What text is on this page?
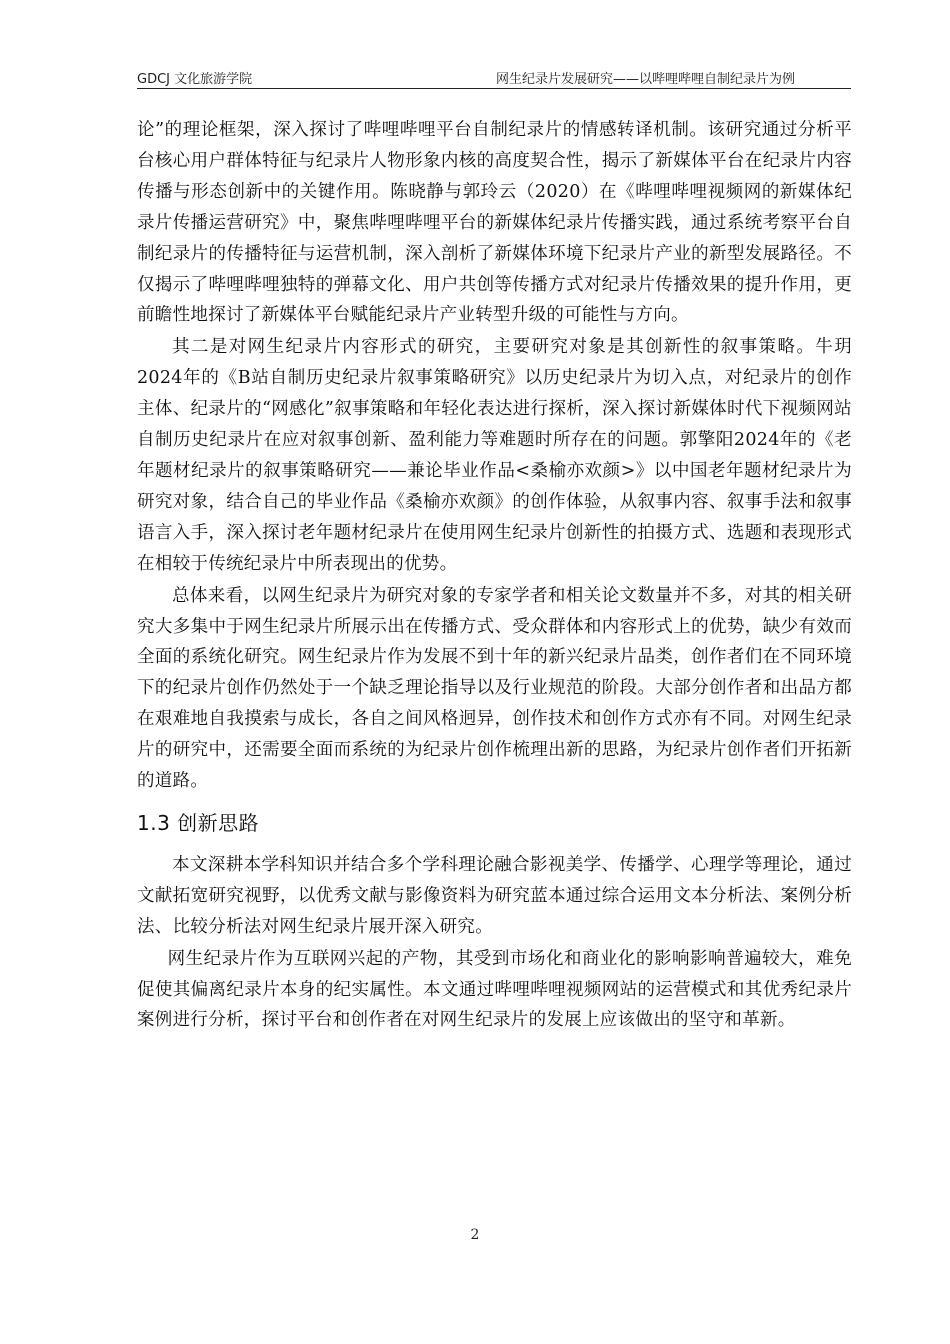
GDCJ 文化旅游学院	网生纪录片发展研究——以哔哩哔哩自制纪录片为例

论”的理论框架，深入探讨了哔哩哔哩平台自制纪录片的情感转译机制。该研究通过分析平台核心用户群体特征与纪录片人物形象内核的高度契合性，揭示了新媒体平台在纪录片内容传播与形态创新中的关键作用。陈晓静与郭玲云（2020）在《哔哩哔哩视频网的新媒体纪录片传播运营研究》中，聚焦哔哩哔哩平台的新媒体纪录片传播实践，通过系统考察平台自制纪录片的传播特征与运营机制，深入剖析了新媒体环境下纪录片产业的新型发展路径。不仅揭示了哔哩哔哩独特的弹幕文化、用户共创等传播方式对纪录片传播效果的提升作用，更前瞻性地探讨了新媒体平台赋能纪录片产业转型升级的可能性与方向。

其二是对网生纪录片内容形式的研究，主要研究对象是其创新性的叙事策略。牛玥2024年的《B站自制历史纪录片叙事策略研究》以历史纪录片为切入点，对纪录片的创作主体、纪录片的“网感化”叙事策略和年轻化表达进行探析，深入探讨新媒体时代下视频网站自制历史纪录片在应对叙事创新、盈利能力等难题时所存在的问题。郭擎阳2024年的《老年题材纪录片的叙事策略研究——兼论毕业作品<桑榆亦欢颜>》以中国老年题材纪录片为研究对象，结合自己的毕业作品《桑榆亦欢颜》的创作体验，从叙事内容、叙事手法和叙事语言入手，深入探讨老年题材纪录片在使用网生纪录片创新性的拍摄方式、选题和表现形式在相较于传统纪录片中所表现出的优势。

总体来看，以网生纪录片为研究对象的专家学者和相关论文数量并不多，对其的相关研究大多集中于网生纪录片所展示出在传播方式、受众群体和内容形式上的优势，缺少有效而全面的系统化研究。网生纪录片作为发展不到十年的新兴纪录片品类，创作者们在不同环境下的纪录片创作仍然处于一个缺乏理论指导以及行业规范的阶段。大部分创作者和出品方都在艰难地自我摸索与成长，各自之间风格迥异，创作技术和创作方式亦有不同。对网生纪录片的研究中，还需要全面而系统的为纪录片创作梳理出新的思路，为纪录片创作者们开拓新的道路。

1.3 创新思路

本文深耕本学科知识并结合多个学科理论融合影视美学、传播学、心理学等理论，通过文献拓宽研究视野，以优秀文献与影像资料为研究蓝本通过综合运用文本分析法、案例分析法、比较分析法对网生纪录片展开深入研究。

网生纪录片作为互联网兴起的产物，其受到市场化和商业化的影响影响普遍较大，难免促使其偏离纪录片本身的纪实属性。本文通过哔哩哔哩视频网站的运营模式和其优秀纪录片案例进行分析，探讨平台和创作者在对网生纪录片的发展上应该做出的坚守和革新。

2
